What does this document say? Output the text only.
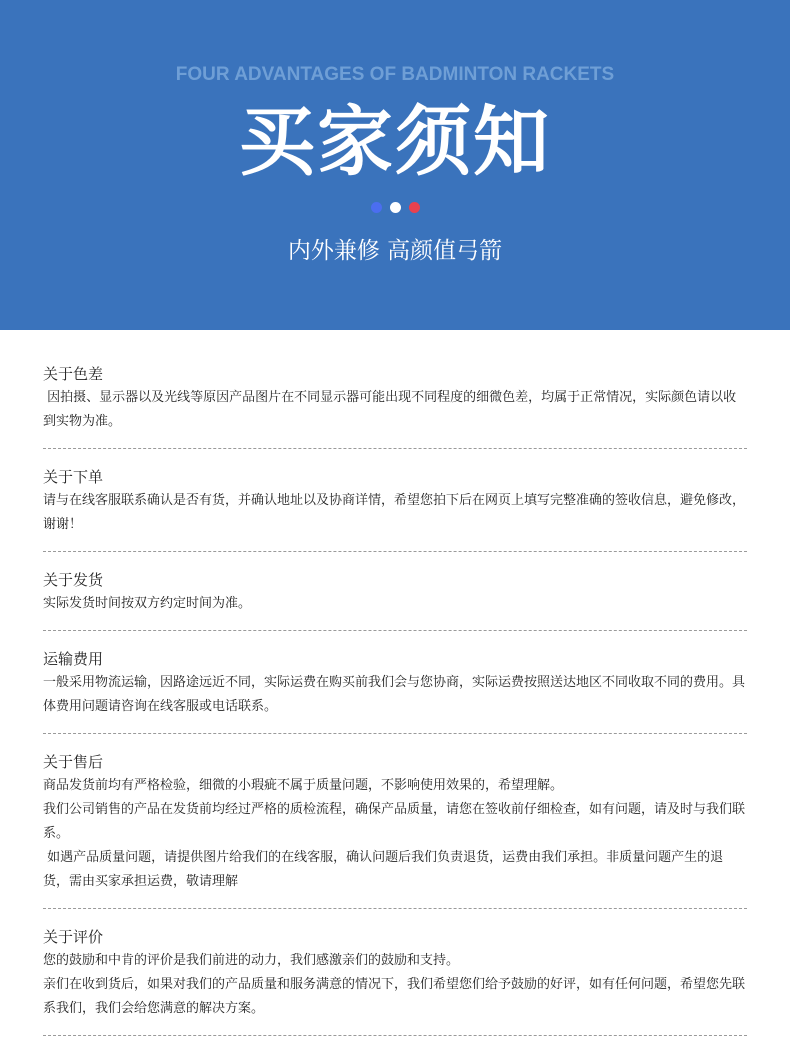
FOUR ADVANTAGES OF BADMINTON RACKETS
买家须知
内外兼修 高颜值弓箭
关于色差

因拍摄、显示器以及光线等原因产品图片在不同显示器可能出现不同程度的细微色差，均属于正常情况，实际颜色请以收到实物为准。

关于下单

请与在线客服联系确认是否有货，并确认地址以及协商详情，希望您拍下后在网页上填写完整准确的签收信息，避免修改，谢谢！

关于发货

实际发货时间按双方约定时间为准。

运输费用

一般采用物流运输，因路途远近不同，实际运费在购买前我们会与您协商，实际运费按照送达地区不同收取不同的费用。具体费用问题请咨询在线客服或电话联系。

关于售后

商品发货前均有严格检验，细微的小瑕疵不属于质量问题，不影响使用效果的，希望理解。

我们公司销售的产品在发货前均经过严格的质检流程，确保产品质量，请您在签收前仔细检查，如有问题，请及时与我们联系。

如遇产品质量问题，请提供图片给我们的在线客服，确认问题后我们负责退货，运费由我们承担。非质量问题产生的退货，需由买家承担运费，敬请理解

关于评价

您的鼓励和中肯的评价是我们前进的动力，我们感激亲们的鼓励和支持。

亲们在收到货后，如果对我们的产品质量和服务满意的情况下，我们希望您们给予鼓励的好评，如有任何问题，希望您先联系我们，我们会给您满意的解决方案。
